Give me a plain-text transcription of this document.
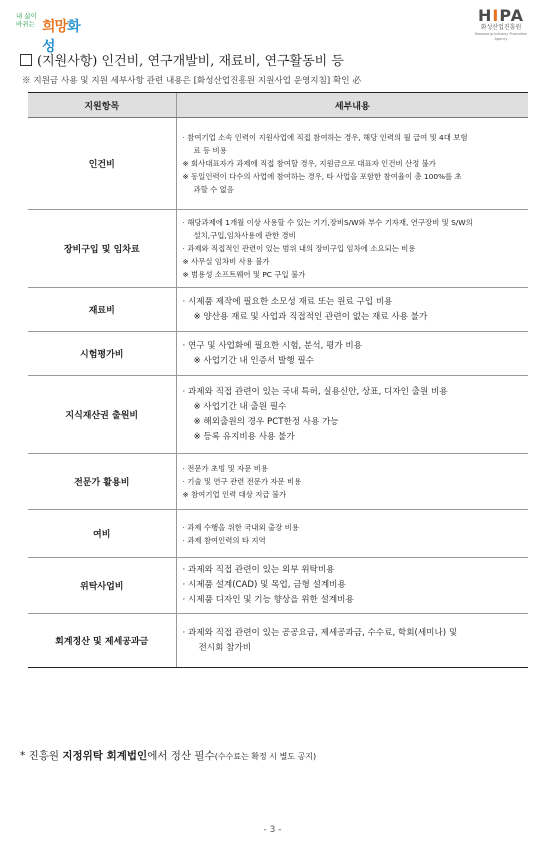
내 삶이
바뀌는 희망화성
HIPA
화성산업진흥원
Hwaseong Industry Promotion Agency
(지원사항) 인건비, 연구개발비, 재료비, 연구활동비 등
※ 지원금 사용 및 지원 세부사항 관련 내용은 [화성산업진흥원 지원사업 운영지침] 확인 必
지원항목	세부내용
인건비	· 참여기업 소속 인력이 지원사업에 직접 참여하는 경우, 해당 인력의 월 급여 및 4대 보험
료 등 비용
※ 회사대표자가 과제에 직접 참여할 경우, 지원금으로 대표자 인건비 산정 불가
※ 동일인력이 다수의 사업에 참여하는 경우, 타 사업을 포함한 참여율이 총 100%를 초
과할 수 없음

장비구입 및 임차료	· 해당과제에 1개월 이상 사용할 수 있는 기기,장비S/W와 부수 기자재, 연구장비 및 S/W의
설치,구입,임차사용에 관한 경비
· 과제와 직접적인 관련이 있는 범위 내의 장비구입 임차에 소요되는 비용
※ 사무실 임차비 사용 불가
※ 범용성 소프트웨어 및 PC 구입 불가

재료비	· 시제품 제작에 필요한 소모성 재료 또는 원료 구입 비용
※ 양산용 재료 및 사업과 직접적인 관련이 없는 재료 사용 불가

시험평가비	· 연구 및 사업화에 필요한 시험, 분석, 평가 비용
※ 사업기간 내 인증서 발행 필수

지식재산권 출원비	· 과제와 직접 관련이 있는 국내 특허, 실용신안, 상표, 디자인 출원 비용
※ 사업기간 내 출원 필수
※ 해외출원의 경우 PCT한정 사용 가능
※ 등록 유지비용 사용 불가

전문가 활용비	· 전문가 초빙 및 자문 비용
· 기술 및 연구 관련 전문가 자문 비용
※ 참여기업 인력 대상 지급 불가

여비	· 과제 수행을 위한 국내외 출장 비용
· 과제 참여인력의 타 지역

위탁사업비	· 과제와 직접 관련이 있는 외부 위탁비용
· 시제품 설계(CAD) 및 목업, 금형 설계비용
· 시제품 디자인 및 기능 향상을 위한 설계비용

회계정산 및 제세공과금	· 과제와 직접 관련이 있는 공공요금, 제세공과금, 수수료, 학회(세미나) 및
전시회 참가비
* 진흥원 지정위탁 회계법인에서 정산 필수(수수료는 확정 시 별도 공지)
- 3 -
